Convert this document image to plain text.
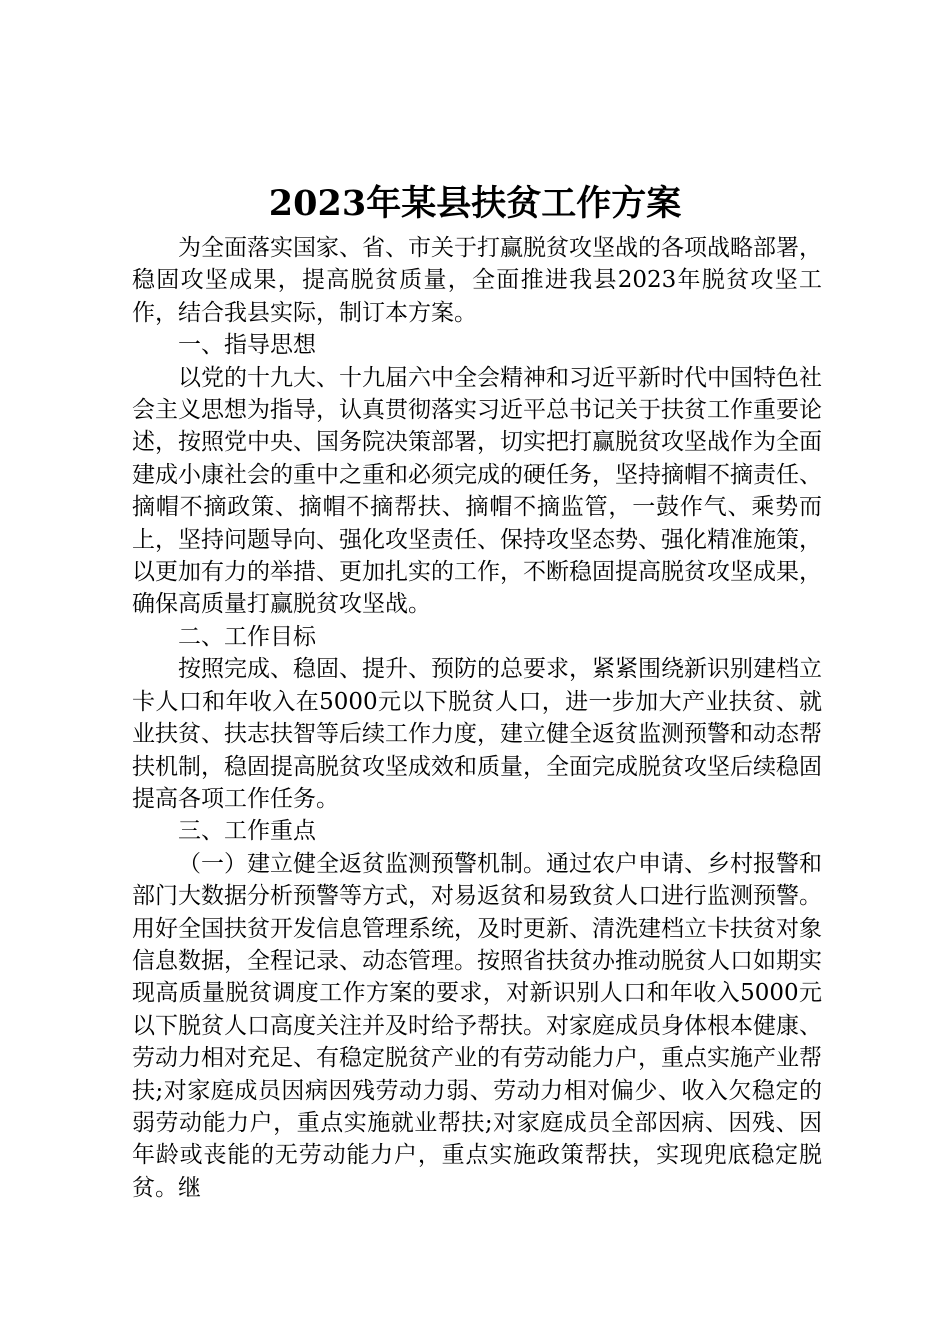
2023年某县扶贫工作方案

为全面落实国家、省、市关于打赢脱贫攻坚战的各项战略部署，稳固攻坚成果，提高脱贫质量，全面推进我县2023年脱贫攻坚工作，结合我县实际，制订本方案。

一、指导思想

以党的十九大、十九届六中全会精神和习近平新时代中国特色社会主义思想为指导，认真贯彻落实习近平总书记关于扶贫工作重要论述，按照党中央、国务院决策部署，切实把打赢脱贫攻坚战作为全面建成小康社会的重中之重和必须完成的硬任务，坚持摘帽不摘责任、摘帽不摘政策、摘帽不摘帮扶、摘帽不摘监管，一鼓作气、乘势而上，坚持问题导向、强化攻坚责任、保持攻坚态势、强化精准施策，以更加有力的举措、更加扎实的工作，不断稳固提高脱贫攻坚成果，确保高质量打赢脱贫攻坚战。

二、工作目标

按照完成、稳固、提升、预防的总要求，紧紧围绕新识别建档立卡人口和年收入在5000元以下脱贫人口，进一步加大产业扶贫、就业扶贫、扶志扶智等后续工作力度，建立健全返贫监测预警和动态帮扶机制，稳固提高脱贫攻坚成效和质量，全面完成脱贫攻坚后续稳固提高各项工作任务。

三、工作重点

（一）建立健全返贫监测预警机制。通过农户申请、乡村报警和部门大数据分析预警等方式，对易返贫和易致贫人口进行监测预警。用好全国扶贫开发信息管理系统，及时更新、清洗建档立卡扶贫对象信息数据，全程记录、动态管理。按照省扶贫办推动脱贫人口如期实现高质量脱贫调度工作方案的要求，对新识别人口和年收入5000元以下脱贫人口高度关注并及时给予帮扶。对家庭成员身体根本健康、劳动力相对充足、有稳定脱贫产业的有劳动能力户，重点实施产业帮扶;对家庭成员因病因残劳动力弱、劳动力相对偏少、收入欠稳定的弱劳动能力户，重点实施就业帮扶;对家庭成员全部因病、因残、因年龄或丧能的无劳动能力户，重点实施政策帮扶，实现兜底稳定脱贫。继
